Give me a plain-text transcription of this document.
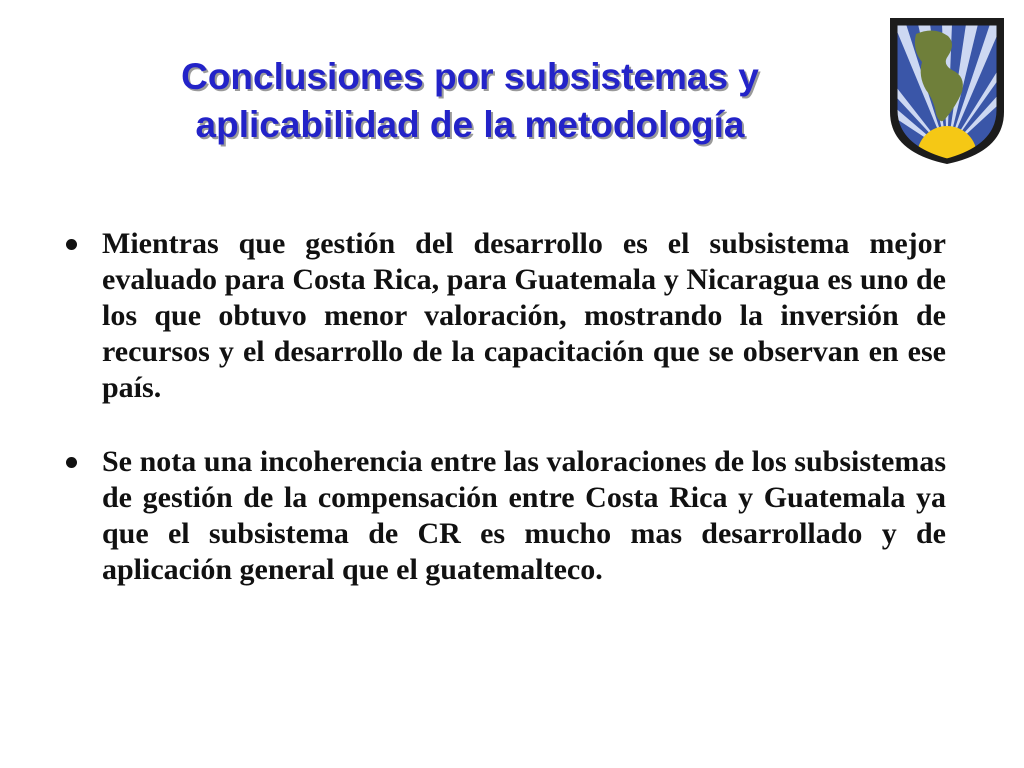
Conclusiones por subsistemas y
aplicabilidad de la metodología

Mientras que gestión del desarrollo es el subsistema mejor evaluado para Costa Rica, para Guatemala y Nicaragua es uno de los que obtuvo menor valoración, mostrando la inversión de recursos y el desarrollo de la capacitación que se observan en ese país.

Se nota una incoherencia entre las valoraciones de los subsistemas de gestión de la compensación entre Costa Rica y Guatemala ya que el subsistema de CR es mucho mas desarrollado y de aplicación general que el guatemalteco.
